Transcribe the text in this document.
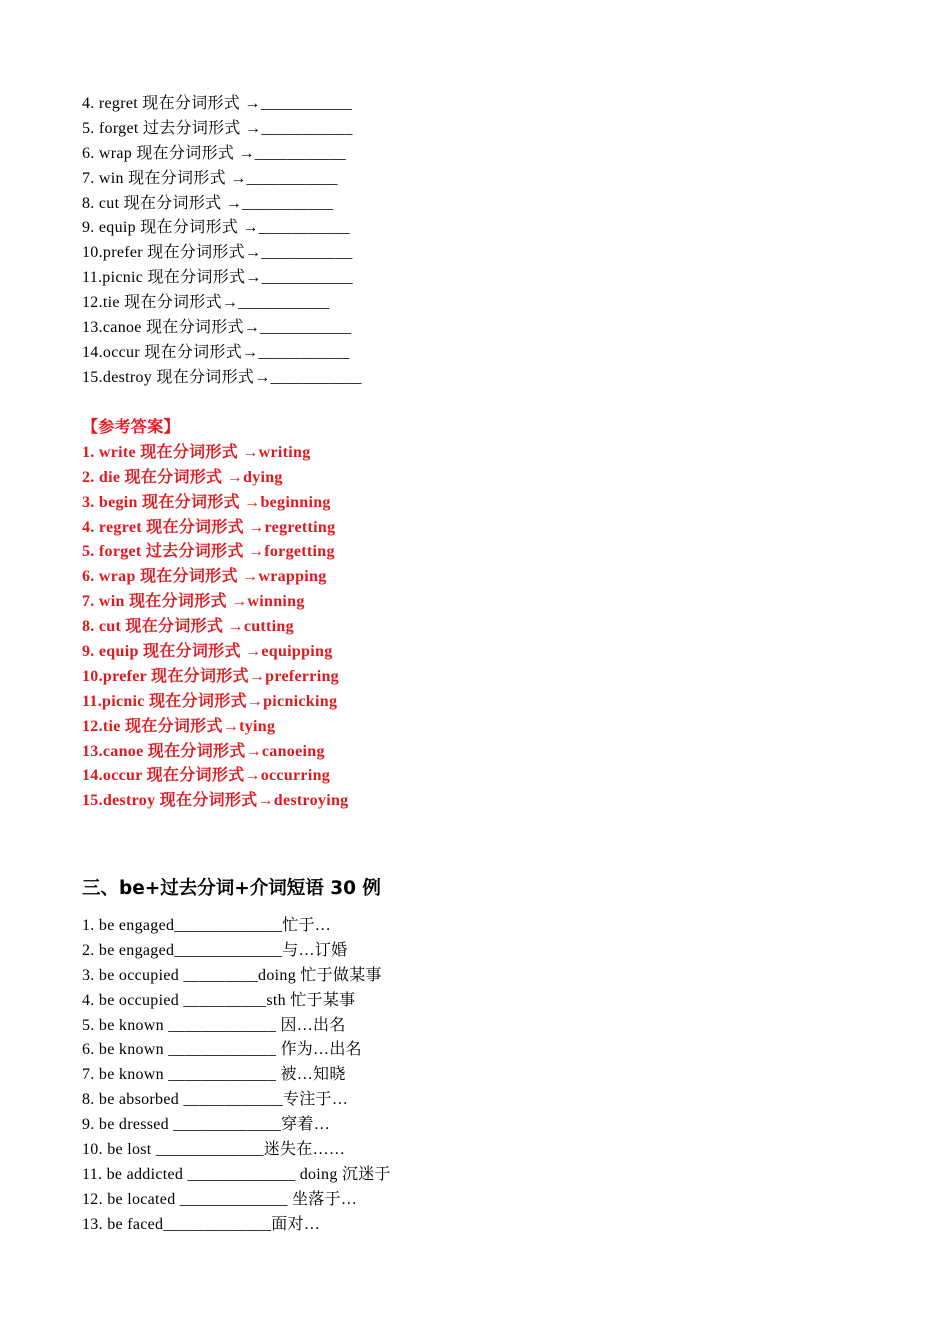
4. regret 现在分词形式 →___________
5. forget 过去分词形式 →___________
6. wrap 现在分词形式 →___________
7. win 现在分词形式 →___________
8. cut 现在分词形式 →___________
9. equip 现在分词形式 →___________
10.prefer 现在分词形式→___________
11.picnic 现在分词形式→___________
12.tie 现在分词形式→___________
13.canoe 现在分词形式→___________
14.occur 现在分词形式→___________
15.destroy 现在分词形式→___________
【参考答案】
1. write 现在分词形式 →writing
2. die 现在分词形式 →dying
3. begin 现在分词形式 →beginning
4. regret 现在分词形式 →regretting
5. forget 过去分词形式 →forgetting
6. wrap 现在分词形式 →wrapping
7. win 现在分词形式 →winning
8. cut 现在分词形式 →cutting
9. equip 现在分词形式 →equipping
10.prefer 现在分词形式→preferring
11.picnic 现在分词形式→picnicking
12.tie 现在分词形式→tying
13.canoe 现在分词形式→canoeing
14.occur 现在分词形式→occurring
15.destroy 现在分词形式→destroying
三、be+过去分词+介词短语 30 例
1. be engaged_____________忙于…
2. be engaged_____________与…订婚
3. be occupied _________doing 忙于做某事
4. be occupied __________sth 忙于某事
5. be known _____________ 因…出名
6. be known _____________ 作为…出名
7. be known _____________ 被…知晓
8. be absorbed ____________专注于…
9. be dressed _____________穿着…
10. be lost _____________迷失在……
11. be addicted _____________ doing 沉迷于
12. be located _____________ 坐落于…
13. be faced_____________面对…
